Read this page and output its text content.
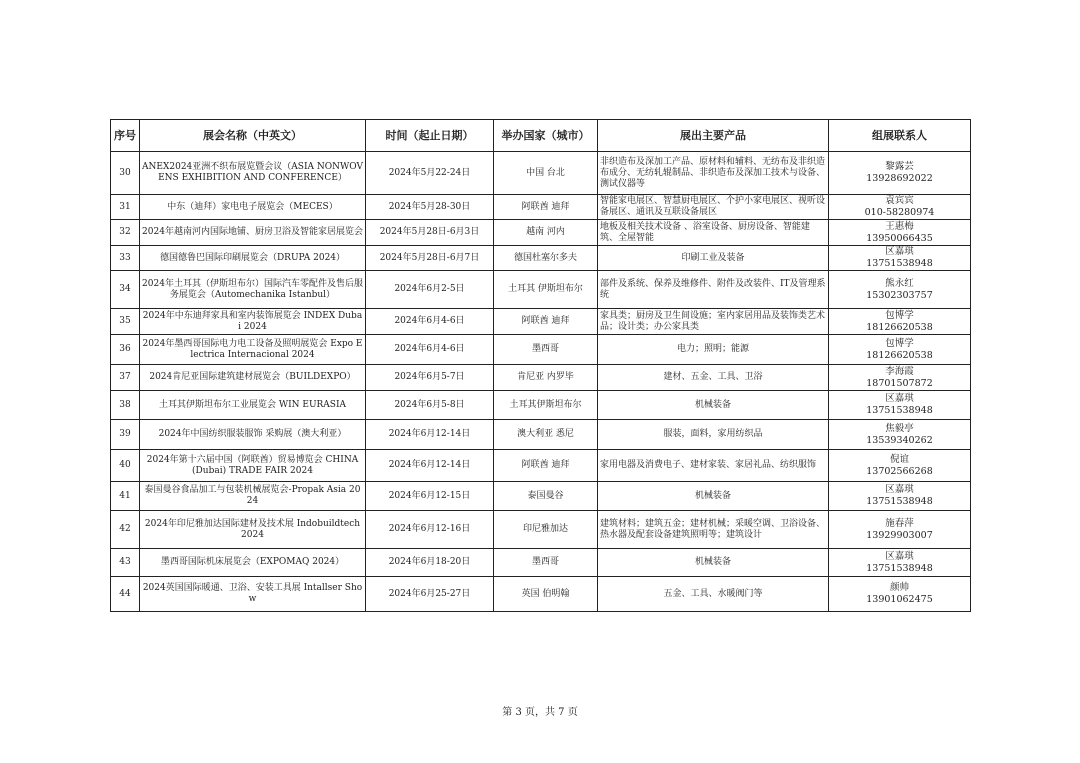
序号	展会名称（中英文）	时间（起止日期）	举办国家（城市）	展出主要产品	组展联系人
30	ANEX2024亚洲不织布展览暨会议（ASIA NONWOVENS EXHIBITION AND CONFERENCE）	2024年5月22-24日	中国 台北	非织造布及深加工产品、原材料和辅料、无纺布及非织造布成分、无纺轧辊制品、非织造布及深加工技术与设备、测试仪器等	黎露芸
13928692022

31	中东（迪拜）家电电子展览会（MECES）	2024年5月28-30日	阿联酋 迪拜	智能家电展区、智慧厨电展区、个护小家电展区、视听设备展区、通讯及互联设备展区	袁宾宾
010-58280974

32	2024年越南河内国际地铺、厨房卫浴及智能家居展览会	2024年5月28日-6月3日	越南 河内	地板及相关技术设备 、浴室设备、厨房设备、智能建筑、全屋智能	王惠梅
13950066435

33	德国德鲁巴国际印刷展览会（DRUPA 2024）	2024年5月28日-6月7日	德国杜塞尔多夫	印刷工业及装备	区嘉琪
13751538948

34	2024年土耳其（伊斯坦布尔）国际汽车零配件及售后服务展览会（Automechanika Istanbul）	2024年6月2-5日	土耳其 伊斯坦布尔	部件及系统、保养及维修件、附件及改装件、IT及管理系统	熊永红
15302303757

35	2024年中东迪拜家具和室内装饰展览会 INDEX Dubai 2024	2024年6月4-6日	阿联酋 迪拜	家具类；厨房及卫生间设施；室内家居用品及装饰类艺术品；设计类；办公家具类	包博学
18126620538

36	2024年墨西哥国际电力电工设备及照明展览会 Expo Electrica Internacional 2024	2024年6月4-6日	墨西哥	电力；照明；能源	包博学
18126620538

37	2024肯尼亚国际建筑建材展览会（BUILDEXPO）	2024年6月5-7日	肯尼亚 内罗毕	建材、五金、工具、卫浴	李海霞
18701507872

38	土耳其伊斯坦布尔工业展览会 WIN EURASIA	2024年6月5-8日	土耳其伊斯坦布尔	机械装备	区嘉琪
13751538948

39	2024年中国纺织服装服饰 采购展（澳大利亚）	2024年6月12-14日	澳大利亚 悉尼	服装，面料，家用纺织品	焦毅亭
13539340262

40	2024年第十六届中国（阿联酋）贸易博览会 CHINA (Dubai) TRADE FAIR 2024	2024年6月12-14日	阿联酋 迪拜	家用电器及消费电子、建材家装、家居礼品、纺织服饰	倪谊
13702566268

41	泰国曼谷食品加工与包装机械展览会-Propak Asia 2024	2024年6月12-15日	泰国曼谷	机械装备	区嘉琪
13751538948

42	2024年印尼雅加达国际建材及技术展 Indobuildtech 2024	2024年6月12-16日	印尼雅加达	建筑材料；建筑五金；建材机械；采暖空调、卫浴设备、热水器及配套设备建筑照明等；建筑设计	施春萍
13929903007

43	墨西哥国际机床展览会（EXPOMAQ 2024）	2024年6月18-20日	墨西哥	机械装备	区嘉琪
13751538948

44	2024英国国际暖通、卫浴、安装工具展 Intallser Show	2024年6月25-27日	英国 伯明翰	五金、工具、水暖阀门等	颜帅
13901062475
第 3 页，共 7 页
